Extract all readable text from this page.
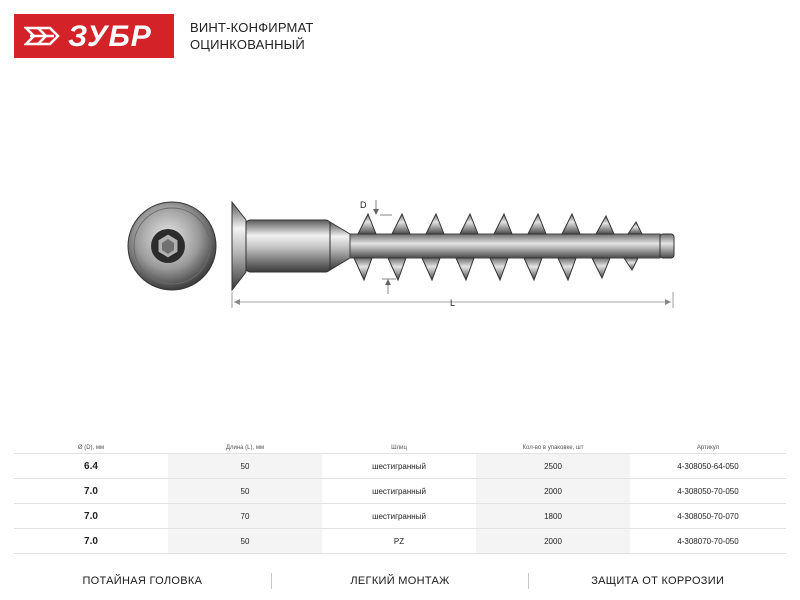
ЗУБР	ВИНТ-КОНФИРМАТ
ОЦИНКОВАННЫЙ
D
L
Ø (D), мм	Длина (L), мм	Шлиц	Кол-во в упаковке, шт	Артикул
6.4	50	шестигранный	2500	4-308050-64-050
7.0	50	шестигранный	2000	4-308050-70-050
7.0	70	шестигранный	1800	4-308050-70-070
7.0	50	PZ	2000	4-308070-70-050
ПОТАЙНАЯ ГОЛОВКА	ЛЕГКИЙ МОНТАЖ	ЗАЩИТА ОТ КОРРОЗИИ
